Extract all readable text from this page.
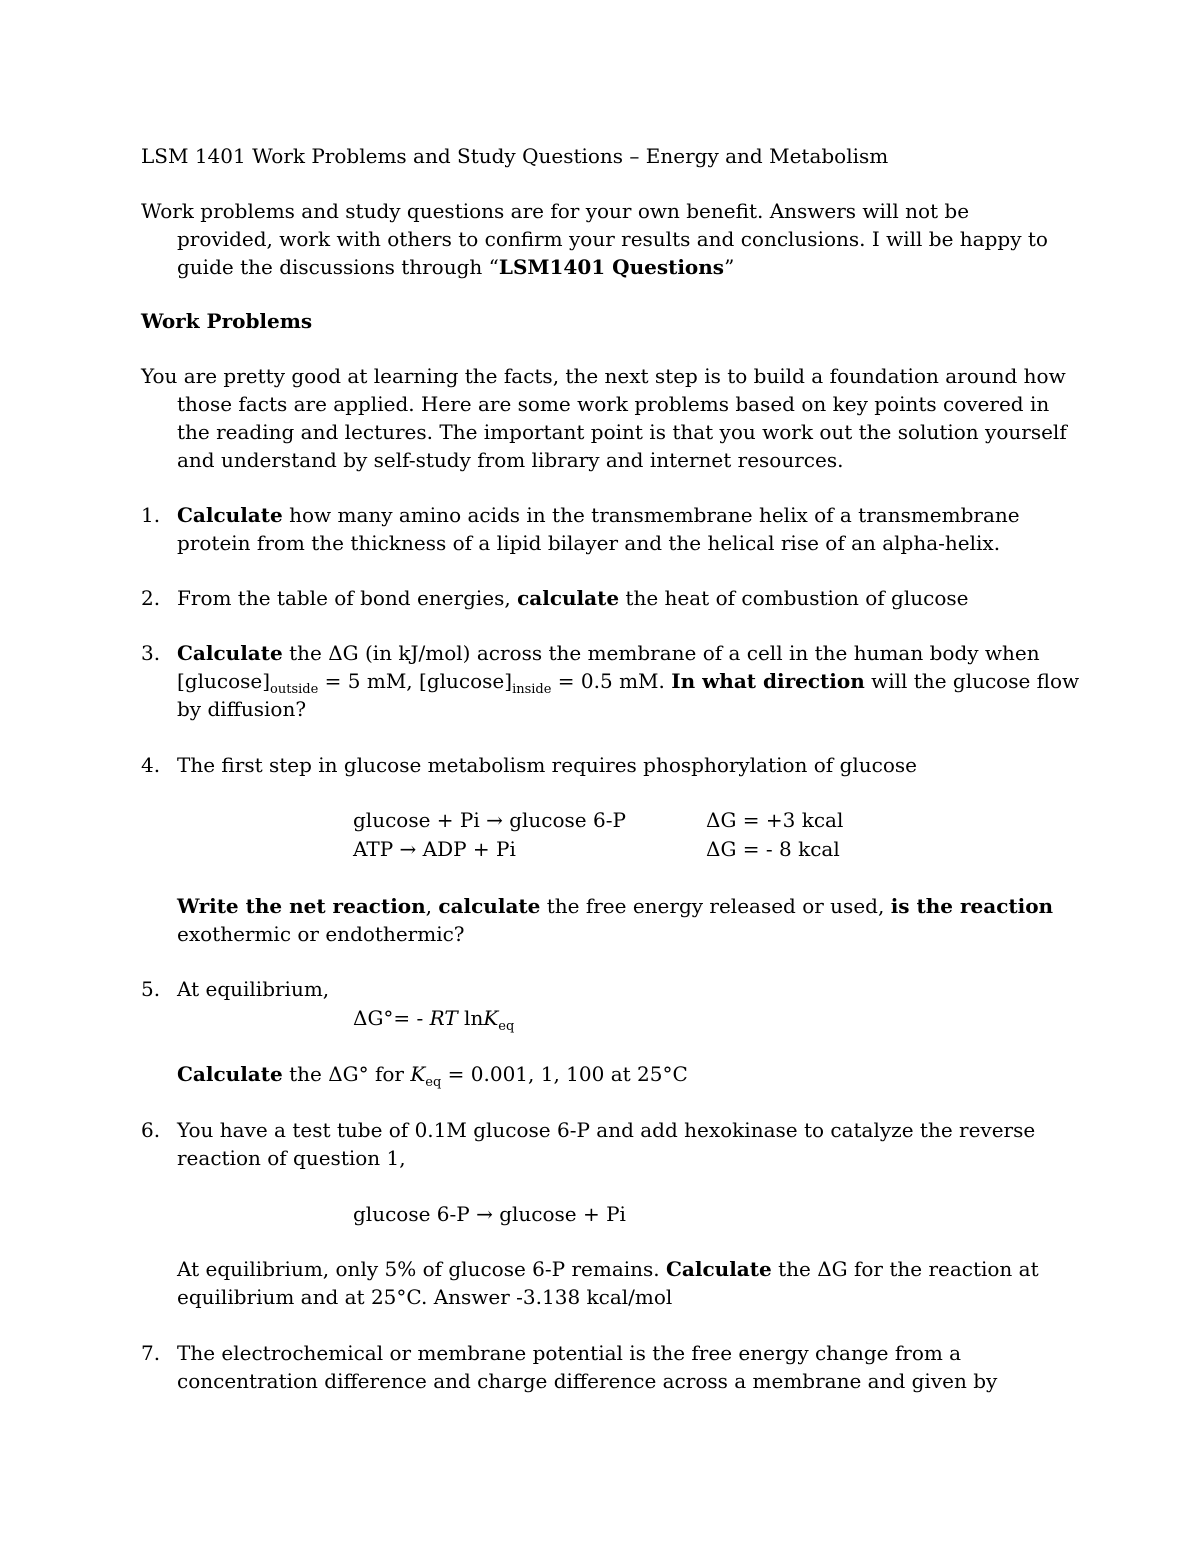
LSM 1401 Work Problems and Study Questions – Energy and Metabolism

Work problems and study questions are for your own benefit. Answers will not be
provided, work with others to confirm your results and conclusions. I will be happy to
guide the discussions through “LSM1401 Questions”

Work Problems

You are pretty good at learning the facts, the next step is to build a foundation around how
those facts are applied. Here are some work problems based on key points covered in
the reading and lectures. The important point is that you work out the solution yourself
and understand by self-study from library and internet resources.
1. Calculate how many amino acids in the transmembrane helix of a transmembrane
protein from the thickness of a lipid bilayer and the helical rise of an alpha-helix.
2. From the table of bond energies, calculate the heat of combustion of glucose
3. Calculate the ΔG (in kJ/mol) across the membrane of a cell in the human body when
$[glucose]_{outside} = 5$ mM, $[glucose]_{inside} = 0.5$ mM. In what direction will the glucose flow
by diffusion?
4. The first step in glucose metabolism requires phosphorylation of glucose
glucose + Pi → glucose 6-P	ΔG = +3 kcal
ATP → ADP + Pi	ΔG = - 8 kcal
Write the net reaction, calculate the free energy released or used, is the reaction
exothermic or endothermic?
5. At equilibrium,
ΔG°= - RT lnK$_{eq}$
Calculate the ΔG° for $K_{eq} = 0.001$, 1, 100 at 25°C
6. You have a test tube of 0.1M glucose 6-P and add hexokinase to catalyze the reverse
reaction of question 1,
glucose 6-P → glucose + Pi
At equilibrium, only 5% of glucose 6-P remains. Calculate the ΔG for the reaction at
equilibrium and at 25°C. Answer -3.138 kcal/mol
7. The electrochemical or membrane potential is the free energy change from a
concentration difference and charge difference across a membrane and given by
